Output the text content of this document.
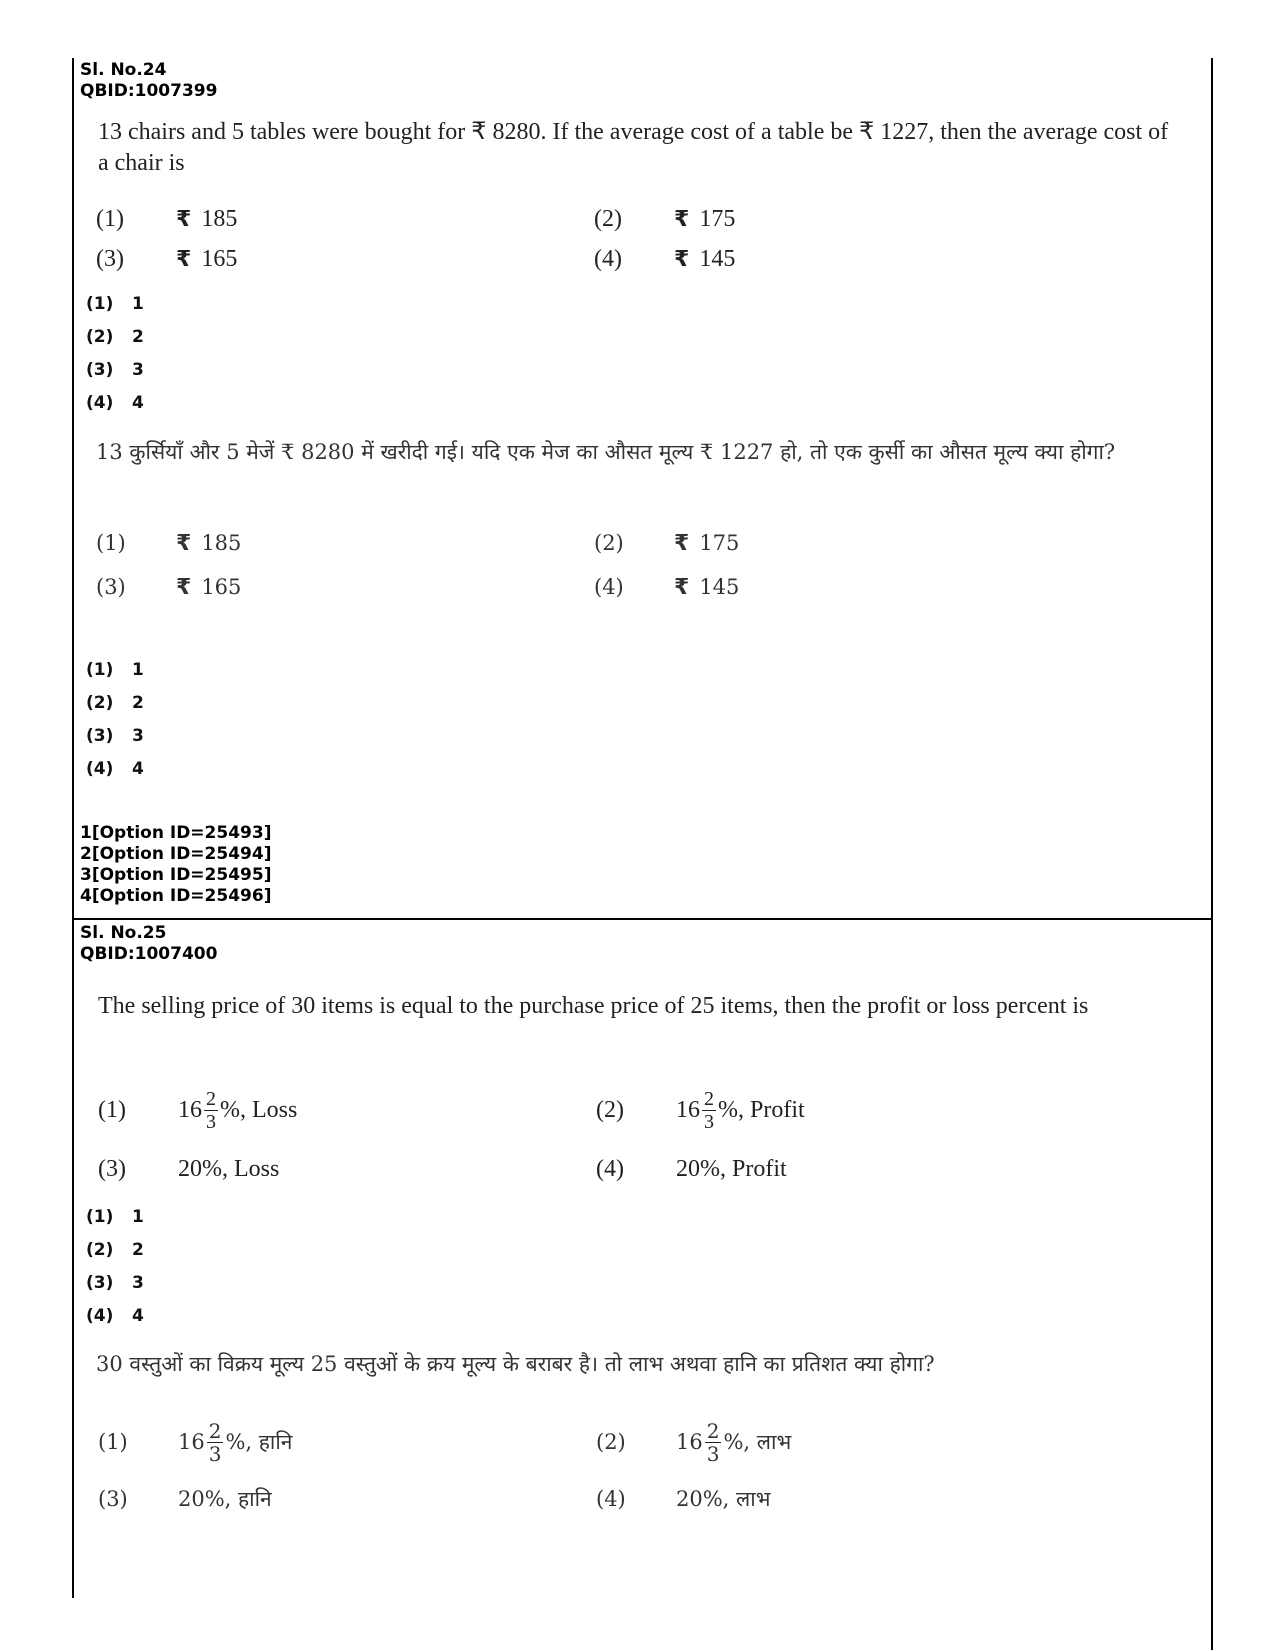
Sl. No.24
QBID:1007399
13 chairs and 5 tables were bought for ₹ 8280. If the average cost of a table be ₹ 1227, then the average cost of a chair is
(1) ₹ 185	(2) ₹ 175
(3) ₹ 165	(4) ₹ 145
(1) 1
(2) 2
(3) 3
(4) 4
13 कुर्सियाँ और 5 मेजें ₹ 8280 में खरीदी गई। यदि एक मेज का औसत मूल्य ₹ 1227 हो, तो एक कुर्सी का औसत मूल्य क्या होगा?
(1) ₹ 185	(2) ₹ 175
(3) ₹ 165	(4) ₹ 145
(1) 1
(2) 2
(3) 3
(4) 4
1[Option ID=25493]
2[Option ID=25494]
3[Option ID=25495]
4[Option ID=25496]
Sl. No.25
QBID:1007400
The selling price of 30 items is equal to the purchase price of 25 items, then the profit or loss percent is
(1) $16 \frac{2}{3}$ %, Loss	(2) $16 \frac{2}{3}$ %, Profit
(3) 20%, Loss	(4) 20%, Profit
(1) 1
(2) 2
(3) 3
(4) 4
30 वस्तुओं का विक्रय मूल्य 25 वस्तुओं के क्रय मूल्य के बराबर है। तो लाभ अथवा हानि का प्रतिशत क्या होगा?
(1) $16 \frac{2}{3}$ %, हानि	(2) $16 \frac{2}{3}$ %, लाभ
(3) 20%, हानि	(4) 20%, लाभ
